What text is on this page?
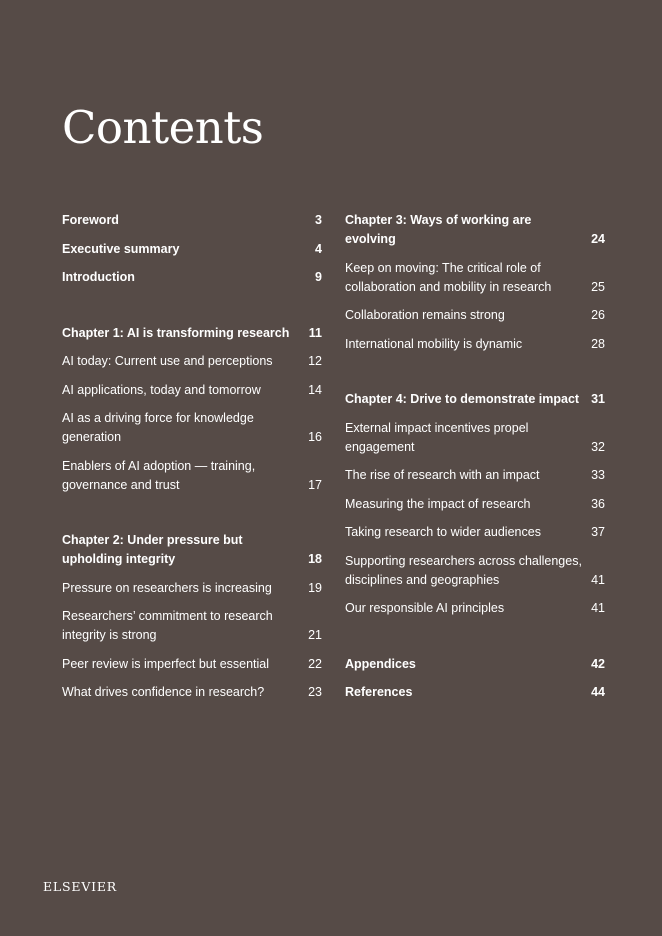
Contents
Foreword	3
Executive summary	4
Introduction	9
Chapter 1: AI is transforming research	11
AI today: Current use and perceptions	12
AI applications, today and tomorrow	14
AI as a driving force for knowledge generation	16
Enablers of AI adoption — training, governance and trust	17
Chapter 2: Under pressure but upholding integrity	18
Pressure on researchers is increasing	19
Researchers’ commitment to research integrity is strong	21
Peer review is imperfect but essential	22
What drives confidence in research?	23
Chapter 3: Ways of working are evolving	24
Keep on moving: The critical role of collaboration and mobility in research	25
Collaboration remains strong	26
International mobility is dynamic	28
Chapter 4: Drive to demonstrate impact 31
External impact incentives propel engagement	32
The rise of research with an impact	33
Measuring the impact of research	36
Taking research to wider audiences	37
Supporting researchers across challenges, disciplines and geographies	41
Our responsible AI principles	41
Appendices	42
References	44
ELSEVIER
